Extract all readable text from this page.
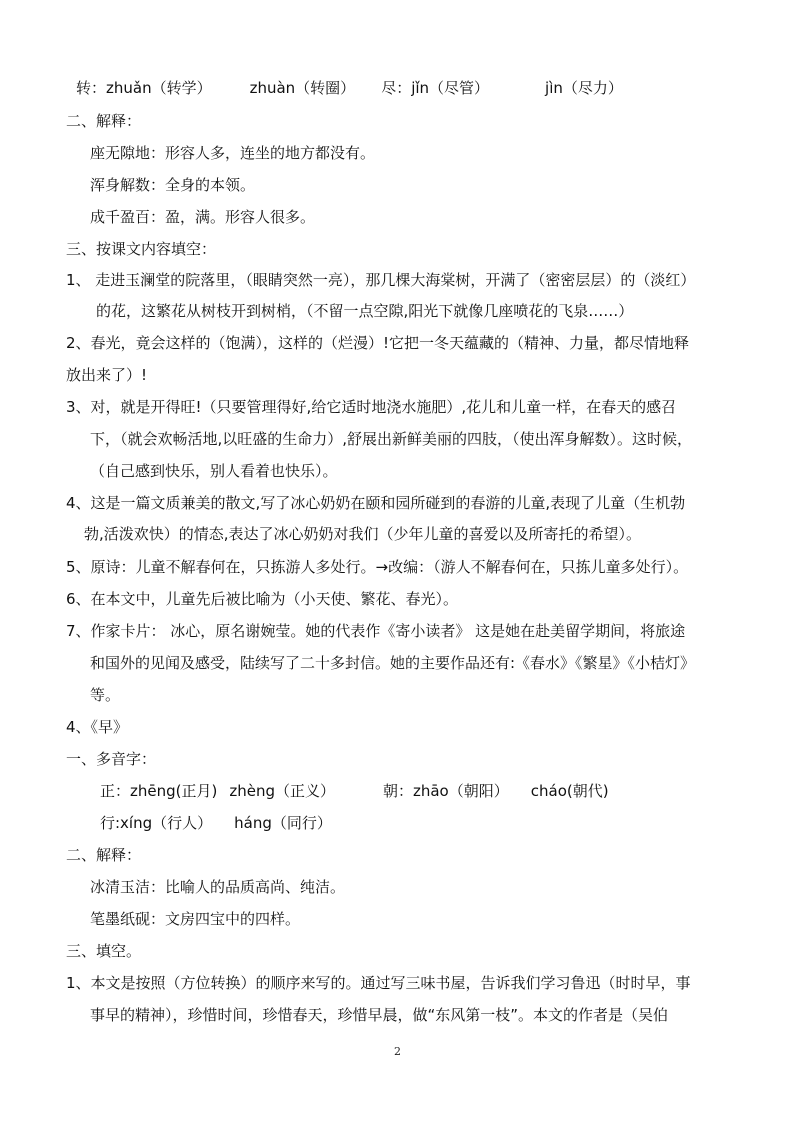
转：zhuǎn（转学）	zhuàn（转圈） 尽：jǐn（尽管）	jìn（尽力）
二、解释：
座无隙地：形容人多，连坐的地方都没有。
浑身解数：全身的本领。
成千盈百：盈，满。形容人很多。
三、按课文内容填空：
1、 走进玉澜堂的院落里，（眼睛突然一亮），那几棵大海棠树，开满了（密密层层）的（淡红）
的花，这繁花从树枝开到树梢，（不留一点空隙,阳光下就像几座喷花的飞泉……）
2、春光，竟会这样的（饱满），这样的（烂漫）!它把一冬天蕴藏的（精神、力量，都尽情地释
放出来了）!
3、对，就是开得旺!（只要管理得好,给它适时地浇水施肥）,花儿和儿童一样，在春天的感召
下，（就会欢畅活地,以旺盛的生命力）,舒展出新鲜美丽的四肢，（使出浑身解数）。这时候，
（自己感到快乐，别人看着也快乐）。
4、这是一篇文质兼美的散文,写了冰心奶奶在颐和园所碰到的春游的儿童,表现了儿童（生机勃
勃,活泼欢快）的情态,表达了冰心奶奶对我们（少年儿童的喜爱以及所寄托的希望）。
5、原诗：儿童不解春何在，只拣游人多处行。→改编：（游人不解春何在，只拣儿童多处行）。
6、在本文中，儿童先后被比喻为（小天使、繁花、春光）。
7、作家卡片： 冰心，原名谢婉莹。她的代表作《寄小读者》 这是她在赴美留学期间，将旅途
和国外的见闻及感受，陆续写了二十多封信。她的主要作品还有:《春水》《繁星》《小桔灯》
等。
4、《早》
一、多音字：
正：zhēng(正月) zhèng（正义）	朝：zhāo（朝阳） cháo(朝代)
行:xíng（行人） háng（同行）
二、解释：
冰清玉洁：比喻人的品质高尚、纯洁。
笔墨纸砚：文房四宝中的四样。
三、填空。
1、本文是按照（方位转换）的顺序来写的。通过写三味书屋，告诉我们学习鲁迅（时时早，事
事早的精神），珍惜时间，珍惜春天，珍惜早晨，做“东风第一枝”。本文的作者是（吴伯
2
